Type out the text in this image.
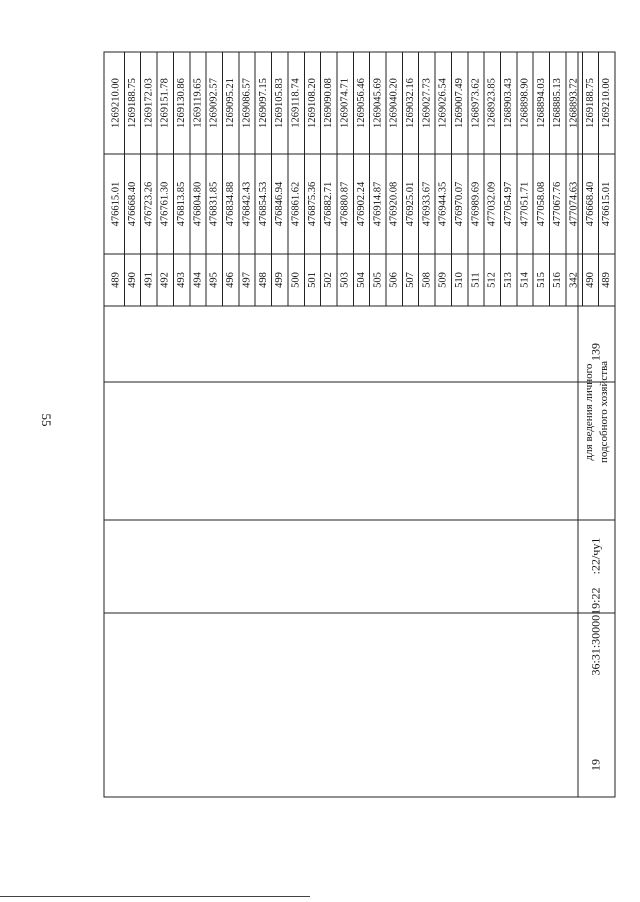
55
489
476615.01
1269210.00
490
476668.40
1269188.75
491
476723.26
1269172.03
492
476761.30
1269151.78
493
476813.85
1269130.86
494
476804.80
1269119.65
495
476831.85
1269092.57
496
476834.88
1269095.21
497
476842.43
1269086.57
498
476854.53
1269097.15
499
476846.94
1269105.83
500
476861.62
1269118.74
501
476875.36
1269108.20
502
476882.71
1269090.08
503
476880.87
1269074.71
504
476902.24
1269056.46
505
476914.87
1269045.69
506
476920.08
1269040.20
507
476925.01
1269032.16
508
476933.67
1269027.73
509
476944.35
1269026.54
510
476970.07
1269007.49
511
476989.69
1268973.62
512
477032.09
1268923.85
513
477054.97
1268903.43
514
477051.71
1268898.90
515
477058.08
1268894.03
516
477067.76
1268885.13
342
477074.63
1268893.72
490
476668.40
1269188.75
489
476615.01
1269210.00
19
36:31:3000019:22
:22/чу1
для ведения личного подсобного хозяйства
139
